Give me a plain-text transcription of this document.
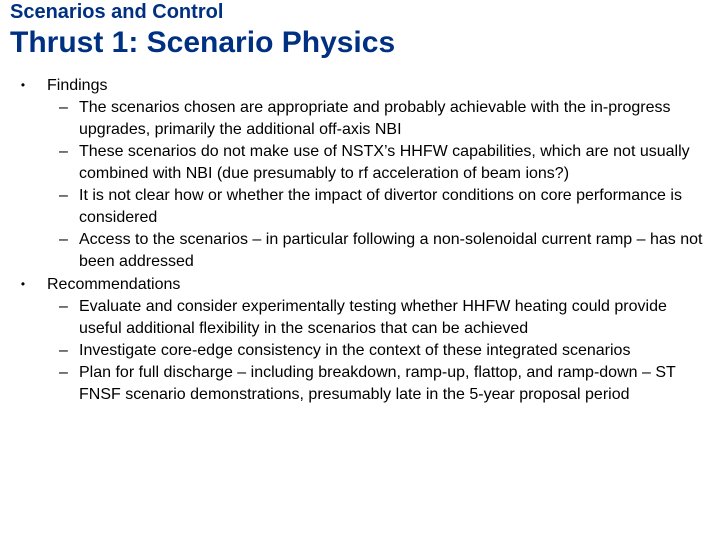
Scenarios and Control
Thrust 1: Scenario Physics
• Findings
– The scenarios chosen are appropriate and probably achievable with the in-progress upgrades, primarily the additional off-axis NBI
– These scenarios do not make use of NSTX’s HHFW capabilities, which are not usually combined with NBI (due presumably to rf acceleration of beam ions?)
– It is not clear how or whether the impact of divertor conditions on core performance is considered
– Access to the scenarios – in particular following a non-solenoidal current ramp – has not been addressed
• Recommendations
– Evaluate and consider experimentally testing whether HHFW heating could provide useful additional flexibility in the scenarios that can be achieved
– Investigate core-edge consistency in the context of these integrated scenarios
– Plan for full discharge – including breakdown, ramp-up, flattop, and ramp-down – ST FNSF scenario demonstrations, presumably late in the 5-year proposal period
